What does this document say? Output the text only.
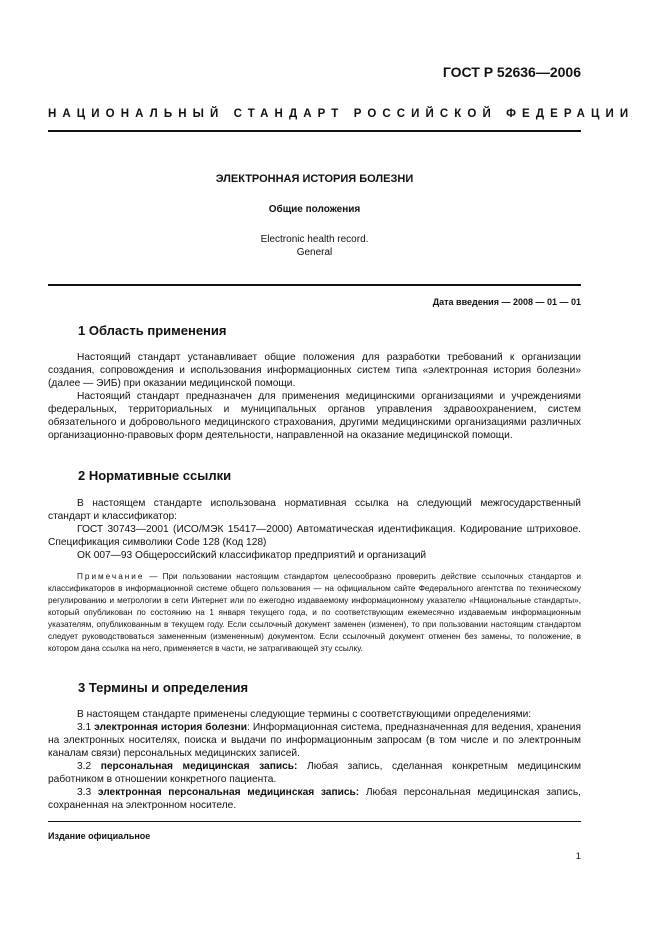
ГОСТ Р 52636—2006
НАЦИОНАЛЬНЫЙ СТАНДАРТ РОССИЙСКОЙ ФЕДЕРАЦИИ
ЭЛЕКТРОННАЯ ИСТОРИЯ БОЛЕЗНИ
Общие положения
Electronic health record.
General
Дата введения — 2008 — 01 — 01
1 Область применения

Настоящий стандарт устанавливает общие положения для разработки требований к организации создания, сопровождения и использования информационных систем типа «электронная история болезни» (далее — ЭИБ) при оказании медицинской помощи.

Настоящий стандарт предназначен для применения медицинскими организациями и учреждениями федеральных, территориальных и муниципальных органов управления здравоохранением, систем обязательного и добровольного медицинского страхования, другими медицинскими организациями различных организационно-правовых форм деятельности, направленной на оказание медицинской помощи.

2 Нормативные ссылки

В настоящем стандарте использована нормативная ссылка на следующий межгосударственный стандарт и классификатор:

ГОСТ 30743—2001 (ИСО/МЭК 15417—2000) Автоматическая идентификация. Кодирование штриховое. Спецификация символики Code 128 (Код 128)

ОК 007—93 Общероссийский классификатор предприятий и организаций

Примечание — При пользовании настоящим стандартом целесообразно проверить действие ссылочных стандартов и классификаторов в информационной системе общего пользования — на официальном сайте Федерального агентства по техническому регулированию и метрологии в сети Интернет или по ежегодно издаваемому информационному указателю «Национальные стандарты», который опубликован по состоянию на 1 января текущего года, и по соответствующим ежемесячно издаваемым информационным указателям, опубликованным в текущем году. Если ссылочный документ заменен (изменен), то при пользовании настоящим стандартом следует руководствоваться замененным (измененным) документом. Если ссылочный документ отменен без замены, то положение, в котором дана ссылка на него, применяется в части, не затрагивающей эту ссылку.

3 Термины и определения

В настоящем стандарте применены следующие термины с соответствующими определениями:

3.1 электронная история болезни: Информационная система, предназначенная для ведения, хранения на электронных носителях, поиска и выдачи по информационным запросам (в том числе и по электронным каналам связи) персональных медицинских записей.

3.2 персональная медицинская запись: Любая запись, сделанная конкретным медицинским работником в отношении конкретного пациента.

3.3 электронная персональная медицинская запись: Любая персональная медицинская запись, сохраненная на электронном носителе.

Издание официальное
1
